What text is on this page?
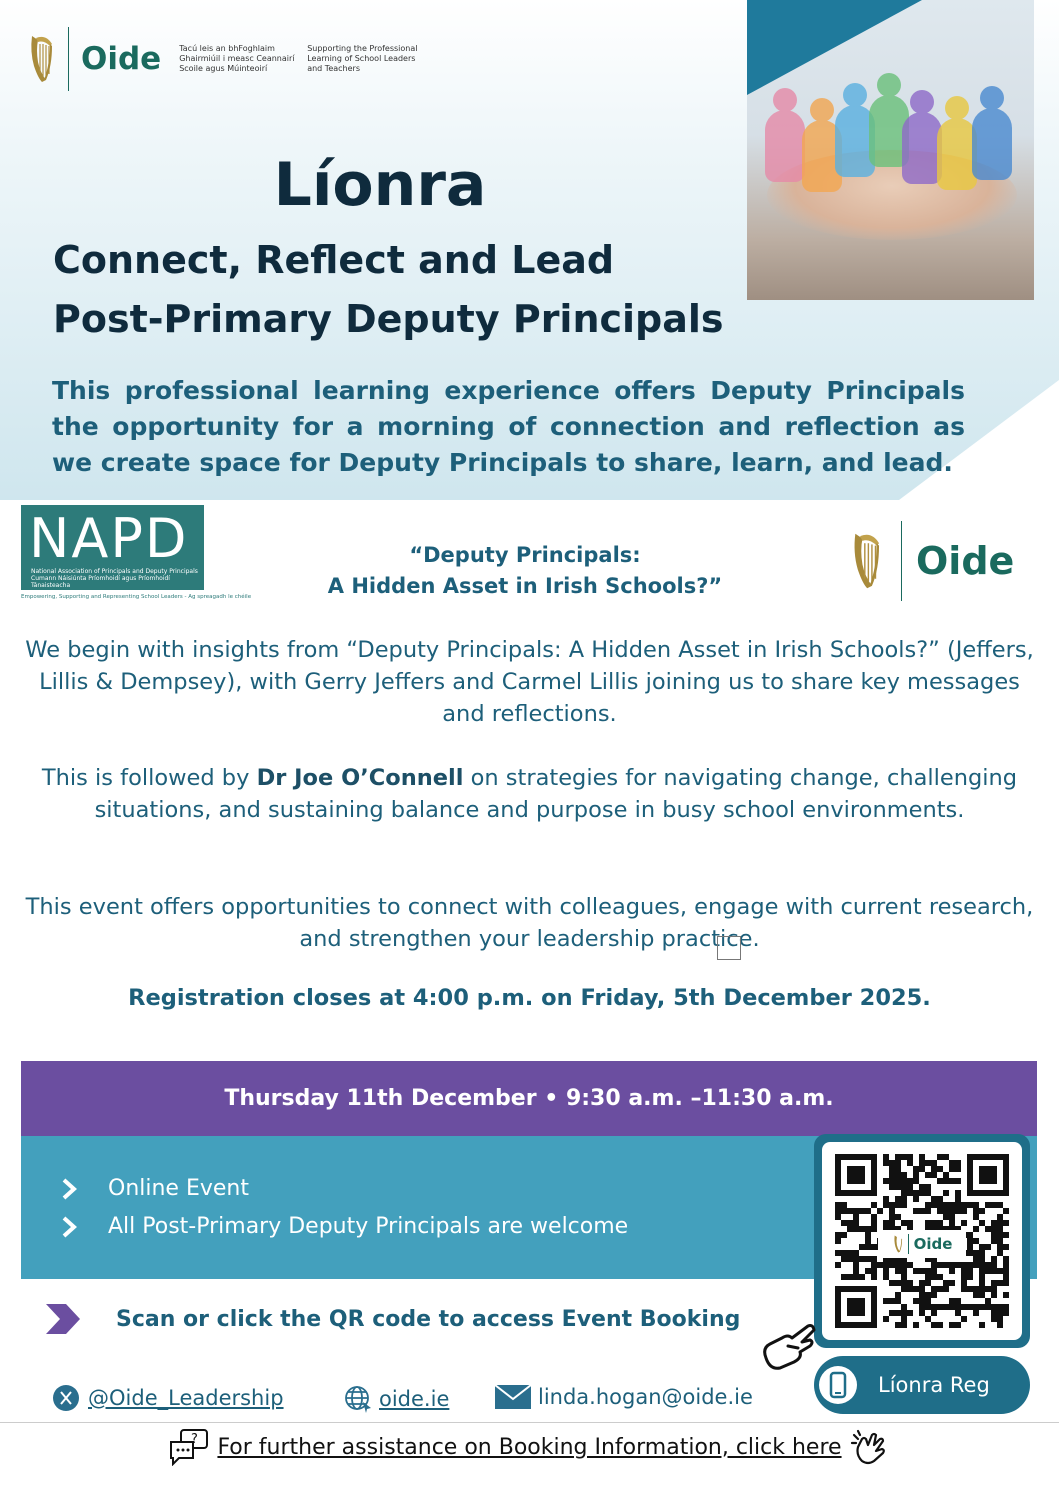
Oide Tacú leis an bhFoghlaim Ghairmiúil i measc Ceannairí Scoile agus Múinteoirí
Supporting the Professional Learning of School Leaders and Teachers
Líonra
Connect, Reflect and Lead
Post-Primary Deputy Principals
This professional learning experience offers Deputy Principals the opportunity for a morning of connection and reflection as we create space for Deputy Principals to share, learn, and lead.
NAPD
National Association of Principals and Deputy Principals
Cumann Náisiúnta Príomhoidí agus Príomhoidí Tánaisteacha
Empowering, Supporting and Representing School Leaders - Ag spreagadh le chéile
“Deputy Principals:
A Hidden Asset in Irish Schools?”
Oide
We begin with insights from “Deputy Principals: A Hidden Asset in Irish Schools?” (Jeffers, Lillis & Dempsey), with Gerry Jeffers and Carmel Lillis joining us to share key messages and reflections.
This is followed by Dr Joe O’Connell on strategies for navigating change, challenging situations, and sustaining balance and purpose in busy school environments.
This event offers opportunities to connect with colleagues, engage with current research, and strengthen your leadership practice.
Registration closes at 4:00 p.m. on Friday, 5th December 2025.
Thursday 11th December • 9:30 a.m. –11:30 a.m.
Online Event
All Post-Primary Deputy Principals are welcome
Scan or click the QR code to access Event Booking
Oide
Líonra Reg
@Oide_Leadership	oide.ie	linda.hogan@oide.ie
? For further assistance on Booking Information, click here
